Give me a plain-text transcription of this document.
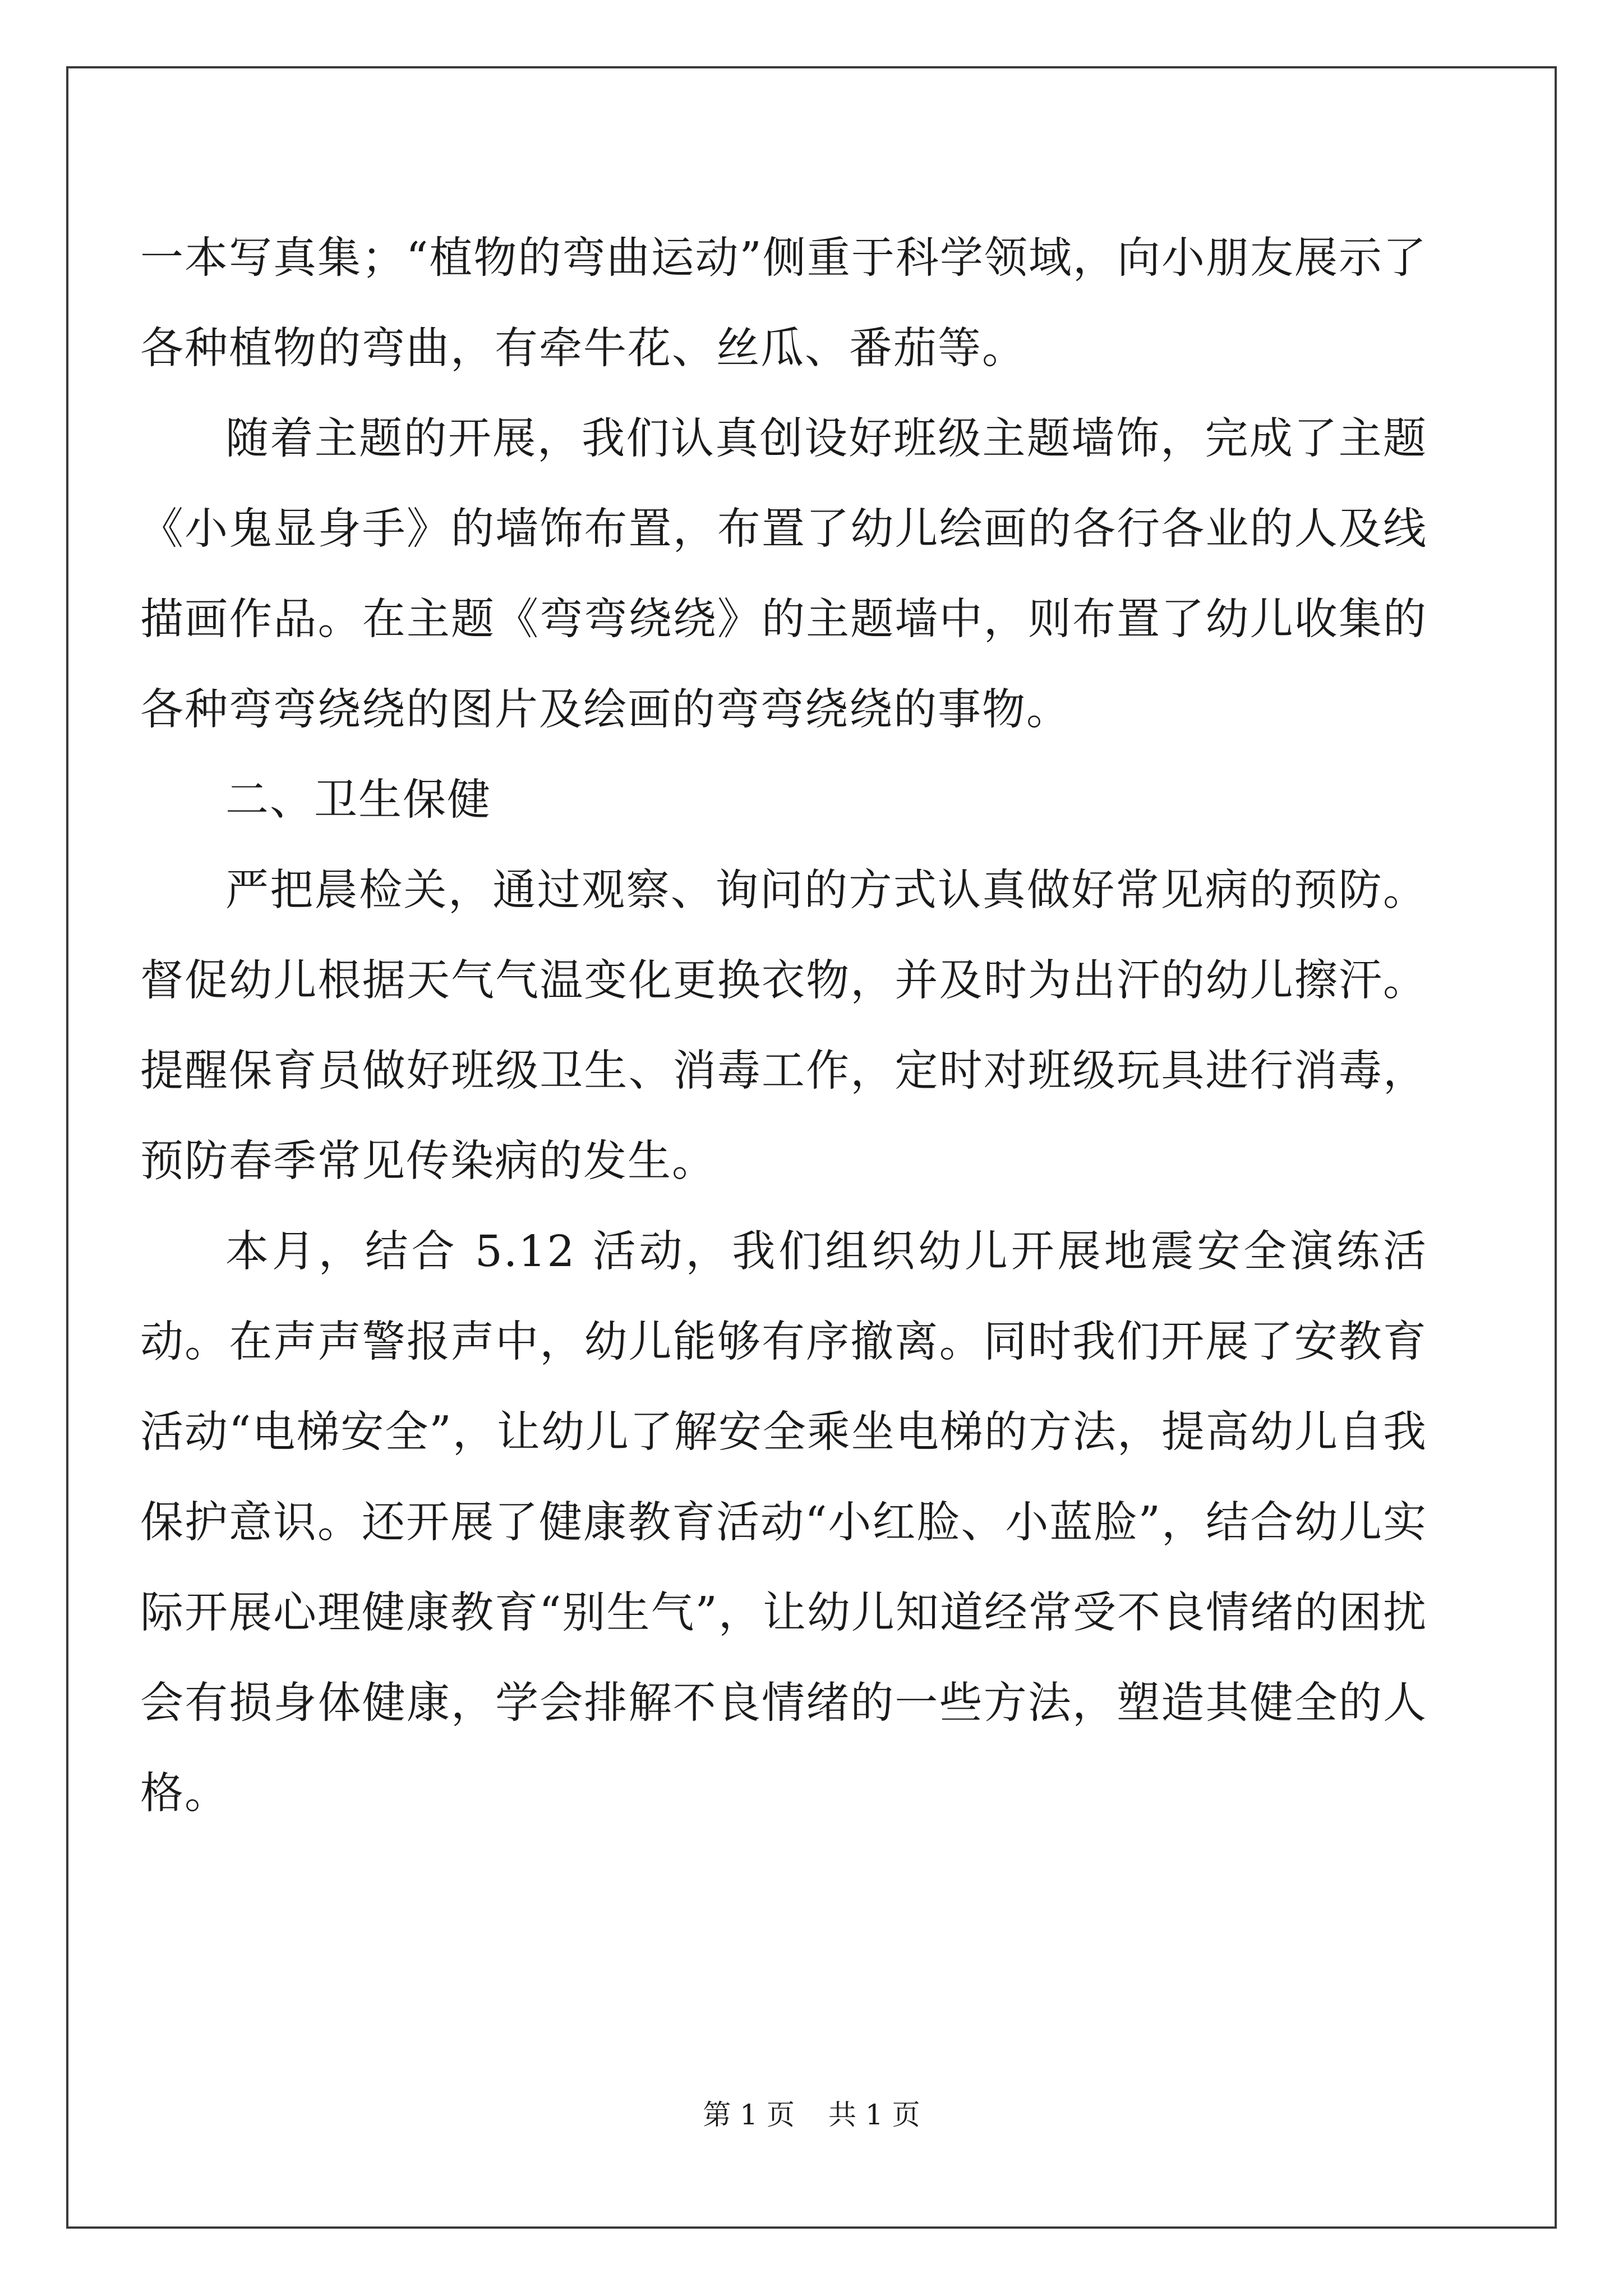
一本写真集；“植物的弯曲运动”侧重于科学领域，向小朋友展示了各种植物的弯曲，有牵牛花、丝瓜、番茄等。

随着主题的开展，我们认真创设好班级主题墙饰，完成了主题《小鬼显身手》的墙饰布置，布置了幼儿绘画的各行各业的人及线描画作品。在主题《弯弯绕绕》的主题墙中，则布置了幼儿收集的各种弯弯绕绕的图片及绘画的弯弯绕绕的事物。

二、卫生保健

严把晨检关，通过观察、询问的方式认真做好常见病的预防。督促幼儿根据天气气温变化更换衣物，并及时为出汗的幼儿擦汗。提醒保育员做好班级卫生、消毒工作，定时对班级玩具进行消毒，预防春季常见传染病的发生。

本月，结合 5.12 活动，我们组织幼儿开展地震安全演练活动。在声声警报声中，幼儿能够有序撤离。同时我们开展了安教育活动“电梯安全”，让幼儿了解安全乘坐电梯的方法，提高幼儿自我保护意识。还开展了健康教育活动“小红脸、小蓝脸”，结合幼儿实际开展心理健康教育“别生气”，让幼儿知道经常受不良情绪的困扰会有损身体健康，学会排解不良情绪的一些方法，塑造其健全的人格。

第 1 页 共 1 页
